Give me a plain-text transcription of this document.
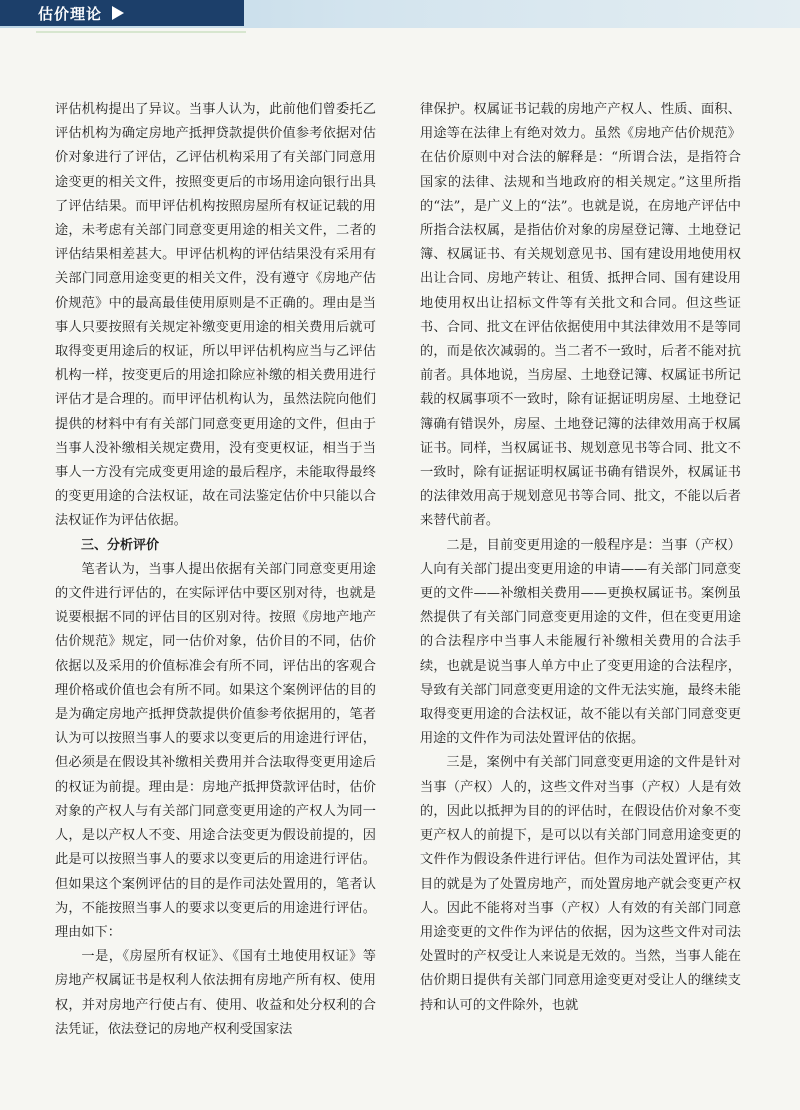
估价理论

评估机构提出了异议。当事人认为，此前他们曾委托乙评估机构为确定房地产抵押贷款提供价值参考依据对估价对象进行了评估，乙评估机构采用了有关部门同意用途变更的相关文件，按照变更后的市场用途向银行出具了评估结果。而甲评估机构按照房屋所有权证记载的用途，未考虑有关部门同意变更用途的相关文件，二者的评估结果相差甚大。甲评估机构的评估结果没有采用有关部门同意用途变更的相关文件，没有遵守《房地产估价规范》中的最高最佳使用原则是不正确的。理由是当事人只要按照有关规定补缴变更用途的相关费用后就可取得变更用途后的权证，所以甲评估机构应当与乙评估机构一样，按变更后的用途扣除应补缴的相关费用进行评估才是合理的。而甲评估机构认为，虽然法院向他们提供的材料中有有关部门同意变更用途的文件，但由于当事人没补缴相关规定费用，没有变更权证，相当于当事人一方没有完成变更用途的最后程序，未能取得最终的变更用途的合法权证，故在司法鉴定估价中只能以合法权证作为评估依据。

三、分析评价

笔者认为，当事人提出依据有关部门同意变更用途的文件进行评估的，在实际评估中要区别对待，也就是说要根据不同的评估目的区别对待。按照《房地产地产估价规范》规定，同一估价对象，估价目的不同，估价依据以及采用的价值标准会有所不同，评估出的客观合理价格或价值也会有所不同。如果这个案例评估的目的是为确定房地产抵押贷款提供价值参考依据用的，笔者认为可以按照当事人的要求以变更后的用途进行评估，但必须是在假设其补缴相关费用并合法取得变更用途后的权证为前提。理由是：房地产抵押贷款评估时，估价对象的产权人与有关部门同意变更用途的产权人为同一人，是以产权人不变、用途合法变更为假设前提的，因此是可以按照当事人的要求以变更后的用途进行评估。但如果这个案例评估的目的是作司法处置用的，笔者认为，不能按照当事人的要求以变更后的用途进行评估。理由如下：

一是，《房屋所有权证》、《国有土地使用权证》等房地产权属证书是权利人依法拥有房地产所有权、使用权，并对房地产行使占有、使用、收益和处分权利的合法凭证，依法登记的房地产权利受国家法

律保护。权属证书记载的房地产产权人、性质、面积、用途等在法律上有绝对效力。虽然《房地产估价规范》在估价原则中对合法的解释是：“所谓合法，是指符合国家的法律、法规和当地政府的相关规定。”这里所指的“法”，是广义上的“法”。也就是说，在房地产评估中所指合法权属，是指估价对象的房屋登记簿、土地登记簿、权属证书、有关规划意见书、国有建设用地使用权出让合同、房地产转让、租赁、抵押合同、国有建设用地使用权出让招标文件等有关批文和合同。但这些证书、合同、批文在评估依据使用中其法律效用不是等同的，而是依次减弱的。当二者不一致时，后者不能对抗前者。具体地说，当房屋、土地登记簿、权属证书所记载的权属事项不一致时，除有证据证明房屋、土地登记簿确有错误外，房屋、土地登记簿的法律效用高于权属证书。同样，当权属证书、规划意见书等合同、批文不一致时，除有证据证明权属证书确有错误外，权属证书的法律效用高于规划意见书等合同、批文，不能以后者来替代前者。

二是，目前变更用途的一般程序是：当事（产权）人向有关部门提出变更用途的申请——有关部门同意变更的文件——补缴相关费用——更换权属证书。案例虽然提供了有关部门同意变更用途的文件，但在变更用途的合法程序中当事人未能履行补缴相关费用的合法手续，也就是说当事人单方中止了变更用途的合法程序，导致有关部门同意变更用途的文件无法实施，最终未能取得变更用途的合法权证，故不能以有关部门同意变更用途的文件作为司法处置评估的依据。

三是，案例中有关部门同意变更用途的文件是针对当事（产权）人的，这些文件对当事（产权）人是有效的，因此以抵押为目的的评估时，在假设估价对象不变更产权人的前提下，是可以以有关部门同意用途变更的文件作为假设条件进行评估。但作为司法处置评估，其目的就是为了处置房地产，而处置房地产就会变更产权人。因此不能将对当事（产权）人有效的有关部门同意用途变更的文件作为评估的依据，因为这些文件对司法处置时的产权受让人来说是无效的。当然，当事人能在估价期日提供有关部门同意用途变更对受让人的继续支持和认可的文件除外，也就
